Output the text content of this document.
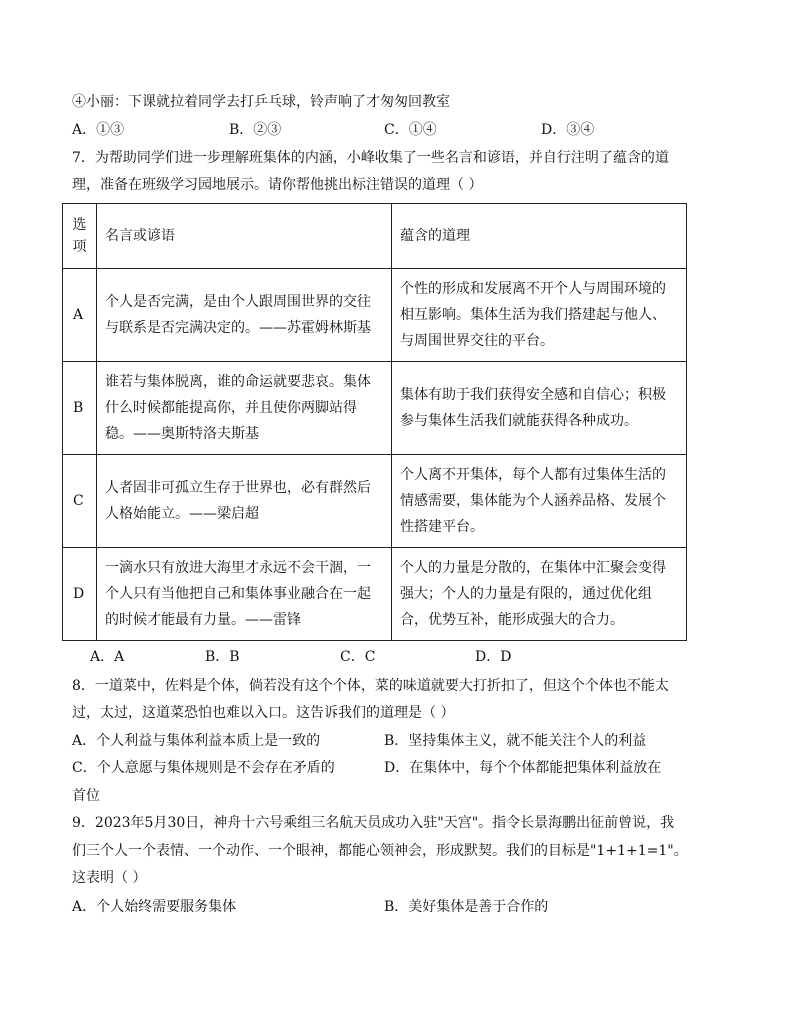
④小丽：下课就拉着同学去打乒乓球，铃声响了才匆匆回教室
A．①③	B．②③	C．①④	D．③④
7．为帮助同学们进一步理解班集体的内涵，小峰收集了一些名言和谚语，并自行注明了蕴含的道
理，准备在班级学习园地展示。请你帮他挑出标注错误的道理（ ）
选项	名言或谚语	蕴含的道理
A	个人是否完满，是由个人跟周围世界的交往与联系是否完满决定的。——苏霍姆林斯基	个性的形成和发展离不开个人与周围环境的相互影响。集体生活为我们搭建起与他人、与周围世界交往的平台。
B	谁若与集体脱离，谁的命运就要悲哀。集体什么时候都能提高你，并且使你两脚站得稳。——奥斯特洛夫斯基	集体有助于我们获得安全感和自信心；积极参与集体生活我们就能获得各种成功。
C	人者固非可孤立生存于世界也，必有群然后人格始能立。——梁启超	个人离不开集体，每个人都有过集体生活的情感需要，集体能为个人涵养品格、发展个性搭建平台。
D	一滴水只有放进大海里才永远不会干涸，一个人只有当他把自己和集体事业融合在一起的时候才能最有力量。——雷锋	个人的力量是分散的，在集体中汇聚会变得强大；个人的力量是有限的，通过优化组合，优势互补，能形成强大的合力。
A．A	B．B	C．C	D．D
8．一道菜中，佐料是个体，倘若没有这个个体，菜的味道就要大打折扣了，但这个个体也不能太
过，太过，这道菜恐怕也难以入口。这告诉我们的道理是（ ）
A．个人利益与集体利益本质上是一致的	B．坚持集体主义，就不能关注个人的利益
C．个人意愿与集体规则是不会存在矛盾的	D．在集体中，每个个体都能把集体利益放在
首位
9．2023年5月30日，神舟十六号乘组三名航天员成功入驻"天宫"。指令长景海鹏出征前曾说，我
们三个人一个表情、一个动作、一个眼神，都能心领神会，形成默契。我们的目标是"1+1+1=1"。
这表明（ ）
A．个人始终需要服务集体	B．美好集体是善于合作的
